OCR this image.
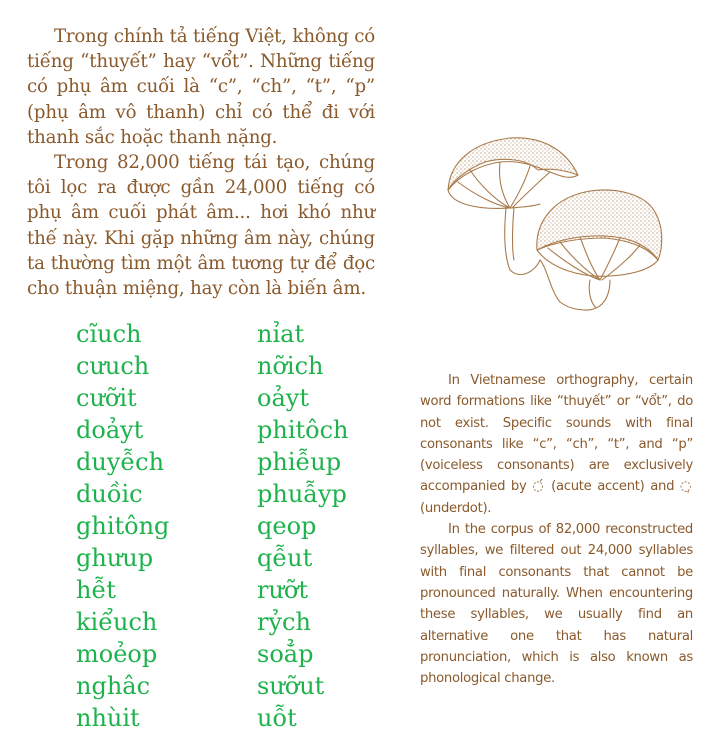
Trong chính tả tiếng Việt, không có tiếng “thuyết” hay “vổt”. Những tiếng có phụ âm cuối là “c”, “ch”, “t”, “p” (phụ âm vô thanh) chỉ có thể đi với thanh sắc hoặc thanh nặng.

Trong 82,000 tiếng tái tạo, chúng tôi lọc ra được gần 24,000 tiếng có phụ âm cuối phát âm... hơi khó như thế này. Khi gặp những âm này, chúng ta thường tìm một âm tương tự để đọc cho thuận miệng, hay còn là biến âm.

cĩuch
cưuch
cưỡit
doảyt
duyễch
duồic
ghitông
ghưup
hễt
kiểuch
moẻop
nghâc
nhùit
nỉat
nỡich
oảyt
phitôch
phiễup
phuẫyp
qeop
qễut
rưỡt
rỷch
soẳp
sưỡut
uỗt

In Vietnamese orthography, certain word formations like “thuyết” or “vổt”, do not exist. Specific sounds with final consonants like “c”, “ch”, “t”, and “p” (voiceless consonants) are exclusively accompanied by ◌́ (acute accent) and ◌̣ (underdot).

In the corpus of 82,000 reconstructed syllables, we filtered out 24,000 syllables with final consonants that cannot be pronounced naturally. When encountering these syllables, we usually find an alternative one that has natural pronunciation, which is also known as phonological change.
